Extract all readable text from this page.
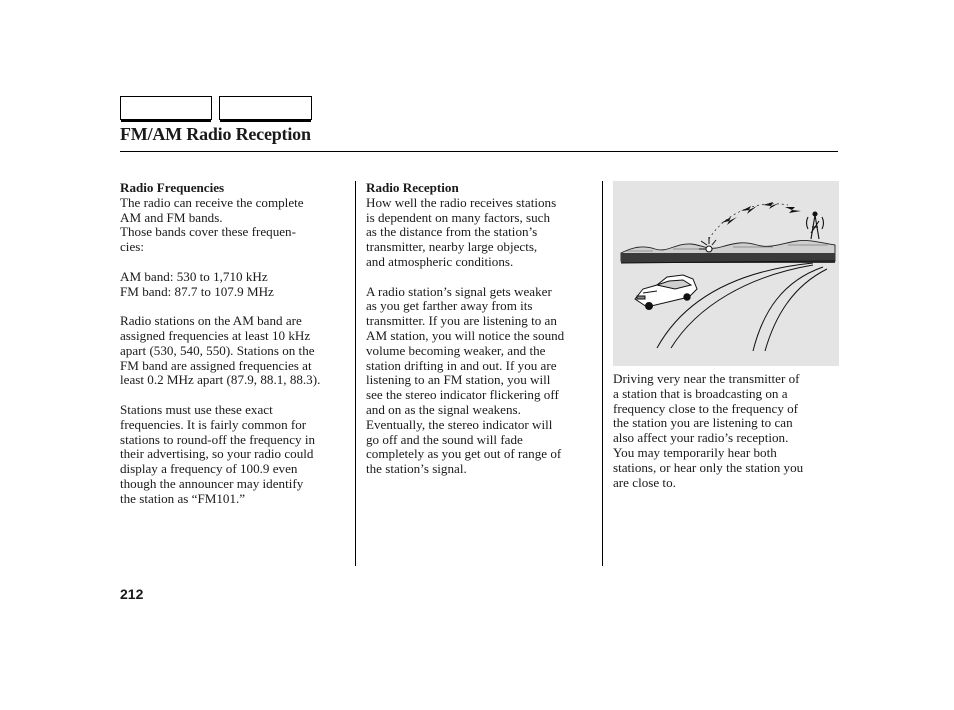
FM/AM Radio Reception
Radio Frequencies
The radio can receive the complete
AM and FM bands.
Those bands cover these frequen-
cies:
AM band: 530 to 1,710 kHz
FM band: 87.7 to 107.9 MHz
Radio stations on the AM band are
assigned frequencies at least 10 kHz
apart (530, 540, 550). Stations on the
FM band are assigned frequencies at
least 0.2 MHz apart (87.9, 88.1, 88.3).
Stations must use these exact
frequencies. It is fairly common for
stations to round-off the frequency in
their advertising, so your radio could
display a frequency of 100.9 even
though the announcer may identify
the station as “FM101.”
Radio Reception
How well the radio receives stations
is dependent on many factors, such
as the distance from the station’s
transmitter, nearby large objects,
and atmospheric conditions.
A radio station’s signal gets weaker
as you get farther away from its
transmitter. If you are listening to an
AM station, you will notice the sound
volume becoming weaker, and the
station drifting in and out. If you are
listening to an FM station, you will
see the stereo indicator flickering off
and on as the signal weakens.
Eventually, the stereo indicator will
go off and the sound will fade
completely as you get out of range of
the station’s signal.
Driving very near the transmitter of
a station that is broadcasting on a
frequency close to the frequency of
the station you are listening to can
also affect your radio’s reception.
You may temporarily hear both
stations, or hear only the station you
are close to.
212
